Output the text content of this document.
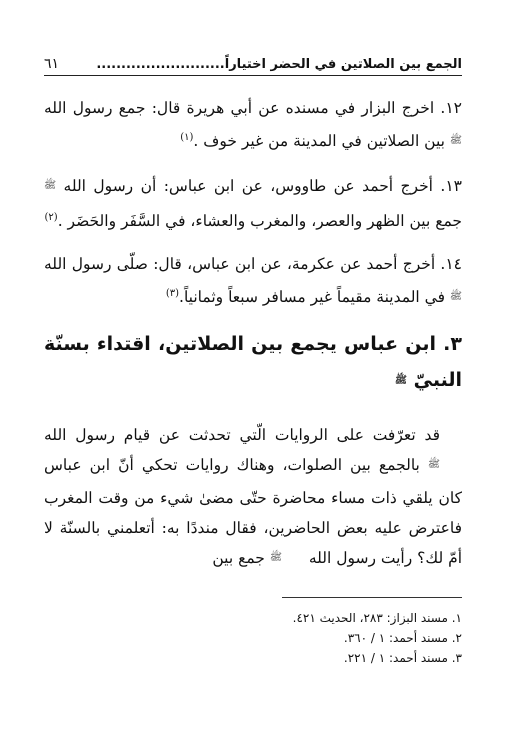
الجمع بين الصلاتين في الحضر اختياراً..........................
٦١

١٢. اخرج البزار في مسنده عن أبي هريرة قال: جمع رسول الله ﷺ بين الصلاتين في المدينة من غير خوف .$^{(١)}$

١٣. أخرج أحمد عن طاووس، عن ابن عباس: أن رسول الله ﷺ جمع بين الظهر والعصر، والمغرب والعشاء، في السَّفَر والحَضَر .$^{(٢)}$

١٤. أخرج أحمد عن عكرمة، عن ابن عباس، قال: صلّى رسول الله ﷺ في المدينة مقيماً غير مسافر سبعاً وثمانياً.$^{(٣)}$

٣. ابن عباس يجمع بين الصلاتين، اقتداء بسنّة النبيّ ﷺ

قد تعرّفت على الروايات الّتي تحدثت عن قيام رسول الله ﷺ بالجمع بين الصلوات، وهناك روايات تحكي أنّ ابن عباس كان يلقي ذات مساء محاضرة حتّى مضىٰ شيء من وقت المغرب فاعترض عليه بعض الحاضرين، فقال منددًا به: أتعلمني بالسنّة لا أمّ لك؟ رأيت رسول الله ﷺ جمع بين

١. مسند البزاز: ٢٨٣، الحديث ٤٢١.
٢. مسند أحمد: ١ / ٣٦٠.
٣. مسند أحمد: ١ / ٢٢١.
